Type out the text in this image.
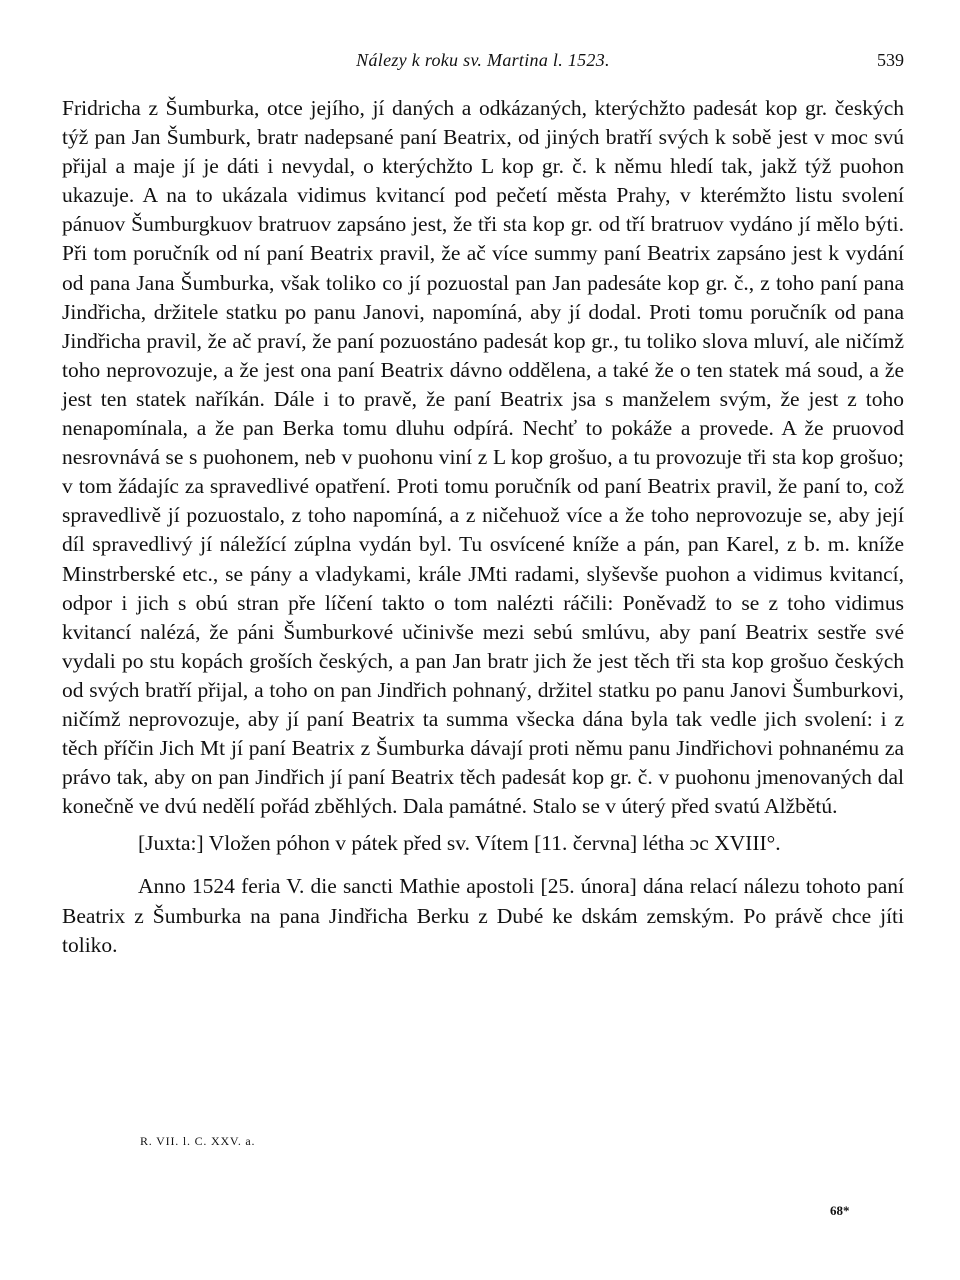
Nálezy k roku sv. Martina l. 1523.	539

Fridricha z Šumburka, otce jejího, jí daných a odkázaných, kterýchžto padesát kop gr. českých týž pan Jan Šumburk, bratr nadepsané paní Beatrix, od jiných bratří svých k sobě jest v moc svú přijal a maje jí je dáti i nevydal, o kterýchžto L kop gr. č. k němu hledí tak, jakž týž puohon ukazuje. A na to ukázala vidimus kvitancí pod pečetí města Prahy, v kterémžto listu svolení pánuov Šumburgkuov bratruov zapsáno jest, že tři sta kop gr. od tří bratruov vydáno jí mělo býti. Při tom poručník od ní paní Beatrix pravil, že ač více summy paní Beatrix zapsáno jest k vydání od pana Jana Šumburka, však toliko co jí pozuostal pan Jan padesáte kop gr. č., z toho paní pana Jindřicha, držitele statku po panu Janovi, napomíná, aby jí dodal. Proti tomu poručník od pana Jindřicha pravil, že ač praví, že paní pozuostáno padesát kop gr., tu toliko slova mluví, ale ničímž toho neprovozuje, a že jest ona paní Beatrix dávno oddělena, a také že o ten statek má soud, a že jest ten statek naříkán. Dále i to pravě, že paní Beatrix jsa s manželem svým, že jest z toho nenapomínala, a že pan Berka tomu dluhu odpírá. Nechť to pokáže a provede. A že pruovod nesrovnává se s puohonem, neb v puohonu viní z L kop grošuo, a tu provozuje tři sta kop grošuo; v tom žádajíc za spravedlivé opatření. Proti tomu poručník od paní Beatrix pravil, že paní to, což spravedlivě jí pozuostalo, z toho napomíná, a z ničehuož více a že toho neprovozuje se, aby její díl spravedlivý jí náležící zúplna vydán byl. Tu osvícené kníže a pán, pan Karel, z b. m. kníže Minstrberské etc., se pány a vladykami, krále JMti radami, slyševše puohon a vidimus kvitancí, odpor i jich s obú stran pře líčení takto o tom nalézti ráčili: Poněvadž to se z toho vidimus kvitancí nalézá, že páni Šumburkové učinivše mezi sebú smlúvu, aby paní Beatrix sestře své vydali po stu kopách groších českých, a pan Jan bratr jich že jest těch tři sta kop grošuo českých od svých bratří přijal, a toho on pan Jindřich pohnaný, držitel statku po panu Janovi Šumburkovi, ničímž neprovozuje, aby jí paní Beatrix ta summa všecka dána byla tak vedle jich svolení: i z těch příčin Jich Mt jí paní Beatrix z Šumburka dávají proti němu panu Jindřichovi pohnanému za právo tak, aby on pan Jindřich jí paní Beatrix těch padesát kop gr. č. v puohonu jmenovaných dal konečně ve dvú nedělí pořád zběhlých. Dala památné. Stalo se v úterý před svatú Alžbětú.

[Juxta:] Vložen póhon v pátek před sv. Vítem [11. června] létha ɔc XVIII°.

Anno 1524 feria V. die sancti Mathie apostoli [25. února] dána relací nálezu tohoto paní Beatrix z Šumburka na pana Jindřicha Berku z Dubé ke dskám zemským. Po právě chce jíti toliko.

R. VII. l. C. XXV. a.
68*
